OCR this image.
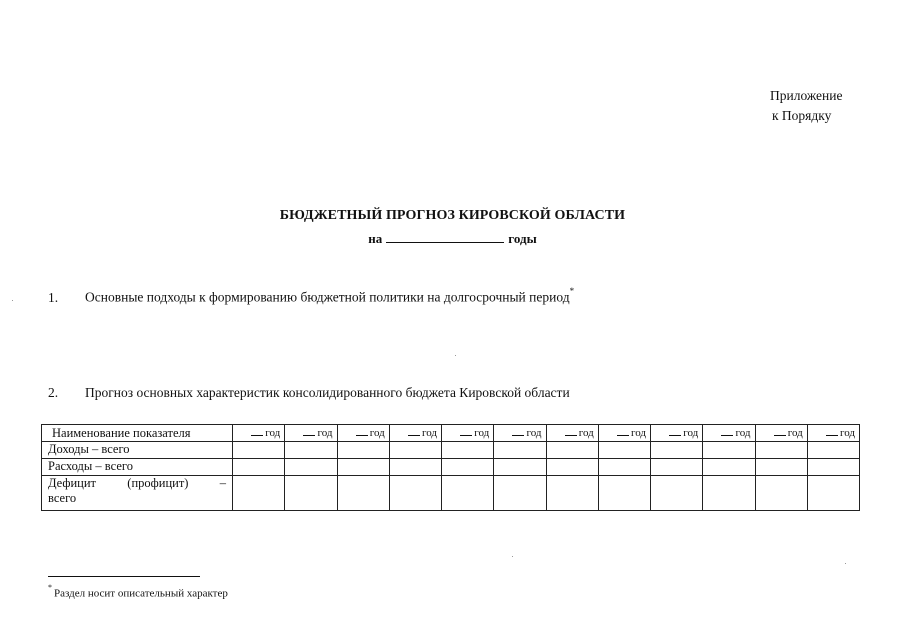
Приложение
к Порядку
БЮДЖЕТНЫЙ ПРОГНОЗ КИРОВСКОЙ ОБЛАСТИ
на	годы
1. Основные подходы к формированию бюджетной политики на долгосрочный период*
2. Прогноз основных характеристик консолидированного бюджета Кировской области
Наименование показателя	год	год	год	год	год	год	год	год	год	год	год	год
Доходы – всего												
Расходы – всего												

Дефицит (профицит) –
всего												
*Раздел носит описательный характер
